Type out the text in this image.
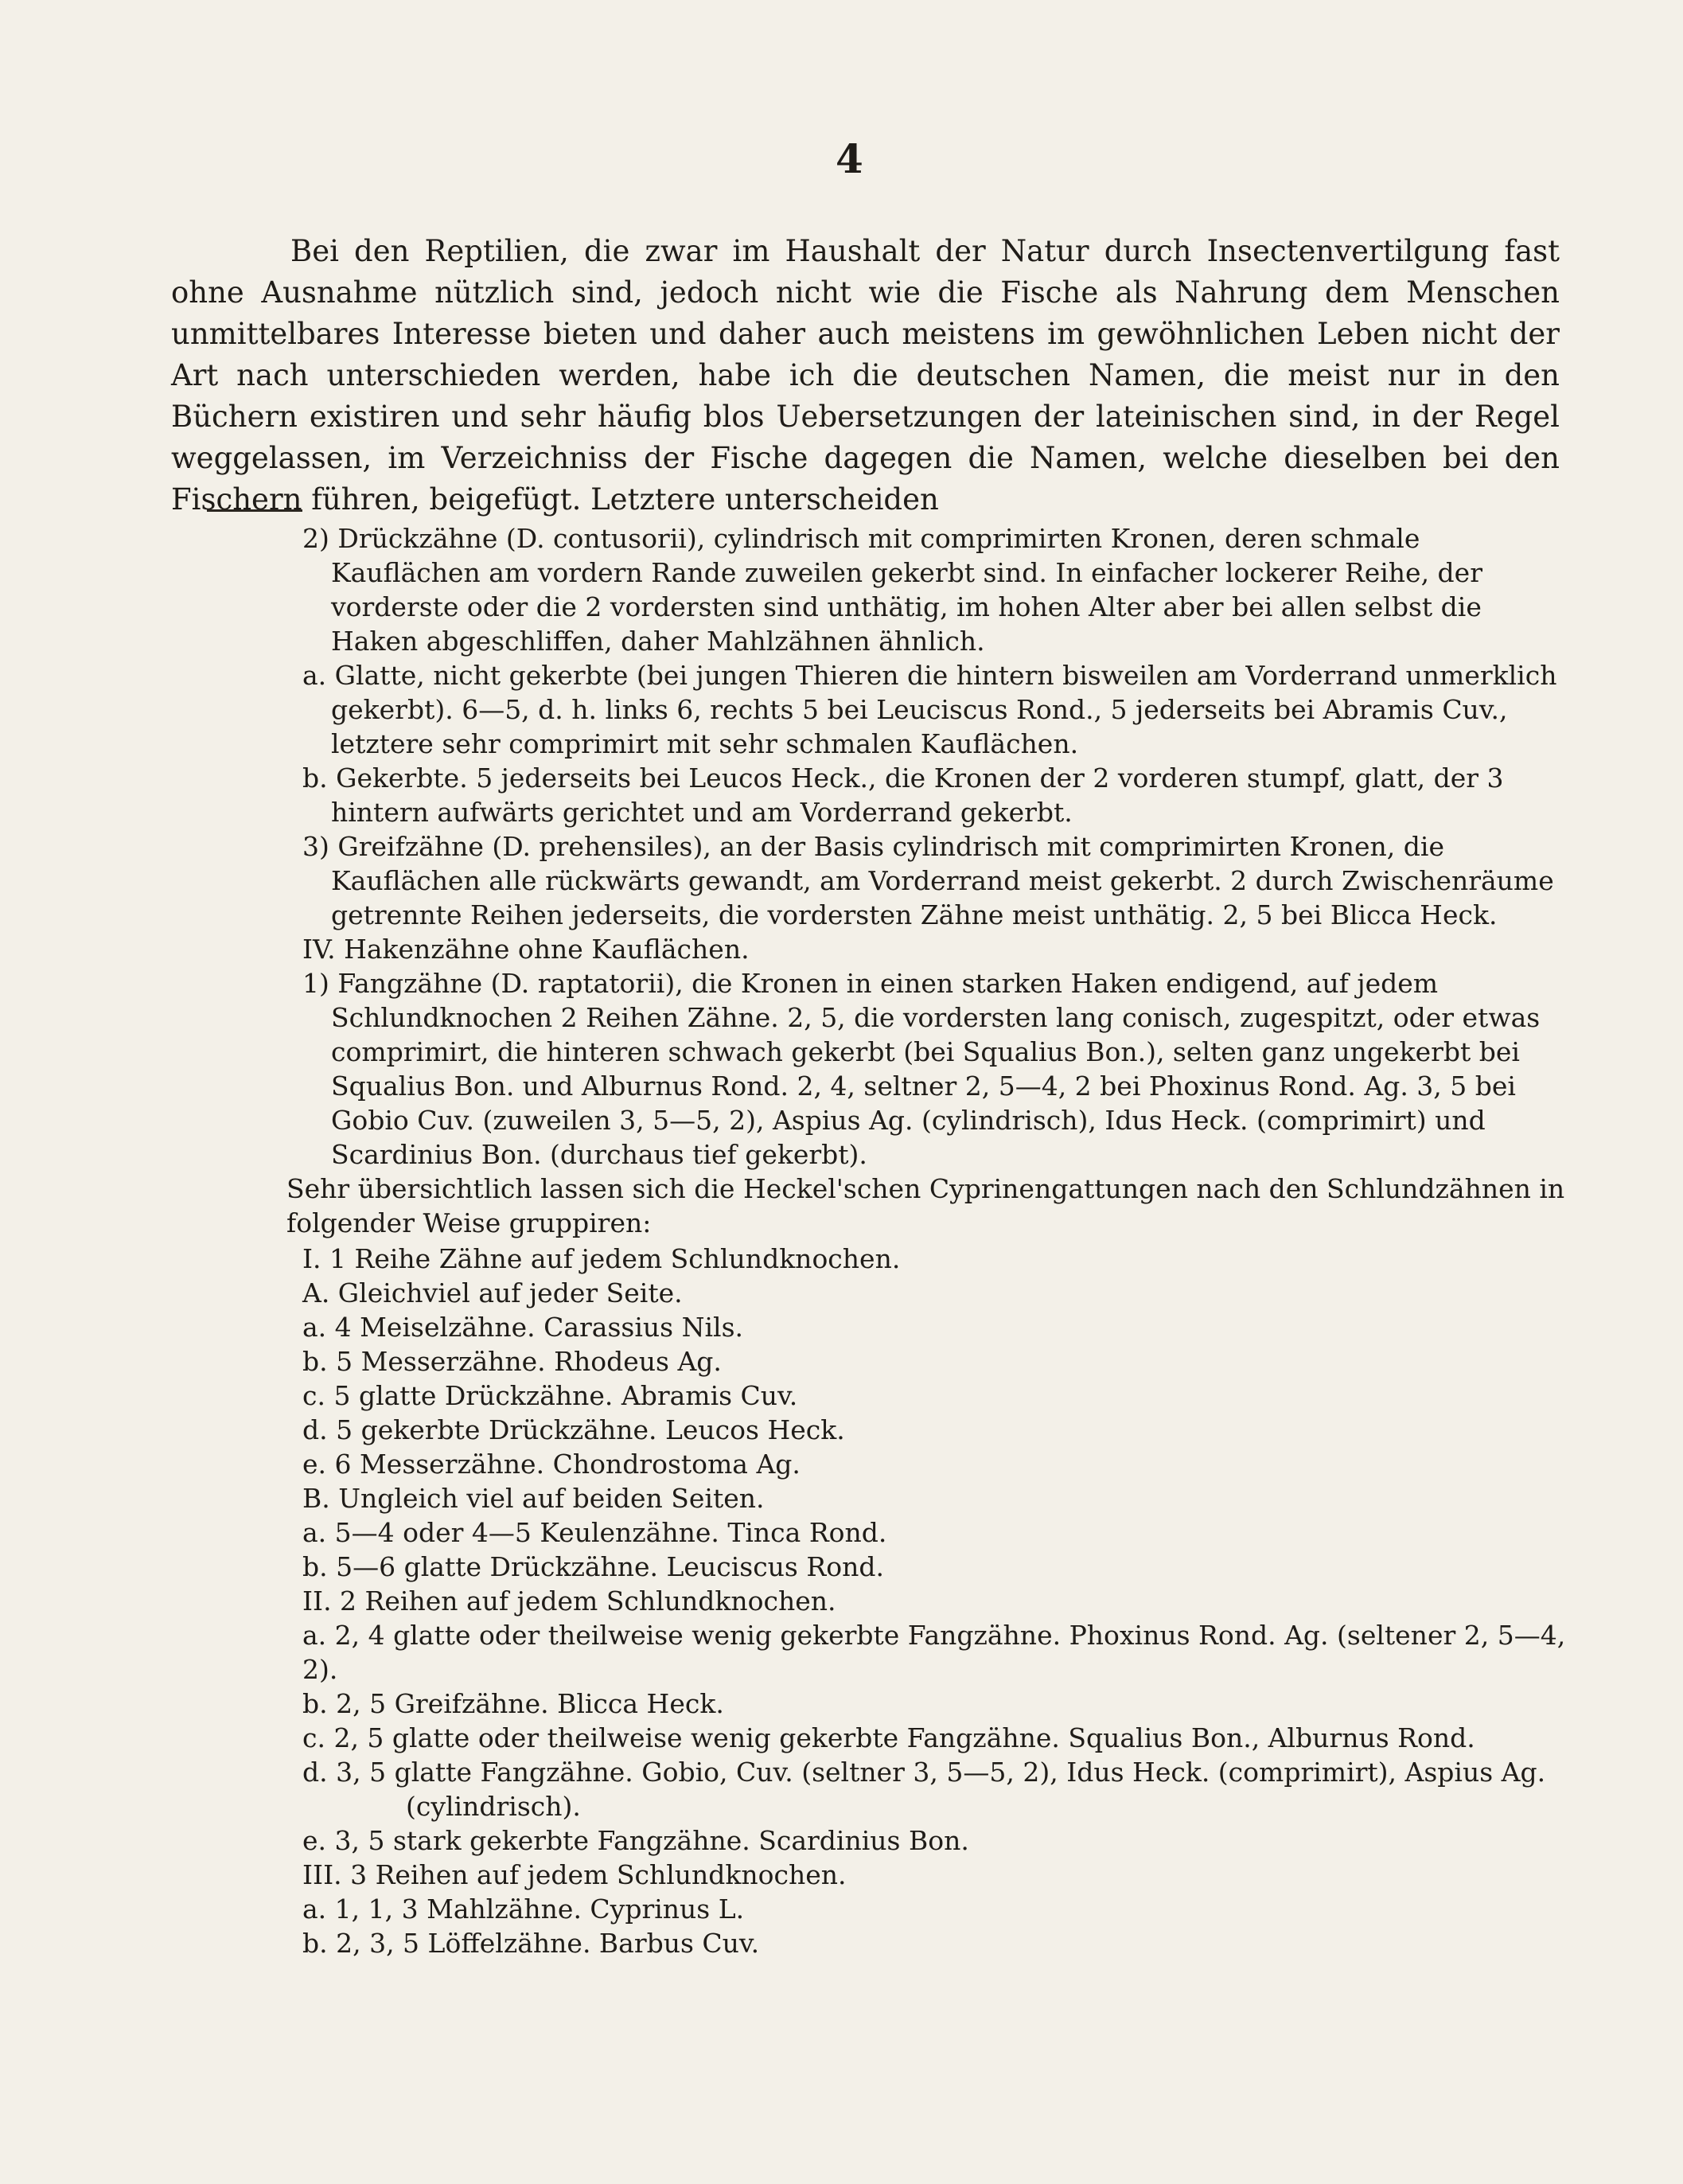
4

Bei den Reptilien, die zwar im Haushalt der Natur durch Insectenvertilgung fast ohne Ausnahme nützlich sind, jedoch nicht wie die Fische als Nahrung dem Menschen unmittelbares Interesse bieten und daher auch meistens im gewöhnlichen Leben nicht der Art nach unterschieden werden, habe ich die deutschen Namen, die meist nur in den Büchern existiren und sehr häufig blos Uebersetzungen der lateinischen sind, in der Regel weggelassen, im Verzeichniss der Fische dagegen die Namen, welche dieselben bei den Fischern führen, beigefügt. Letztere unterscheiden

2) Drückzähne (D. contusorii), cylindrisch mit comprimirten Kronen, deren schmale Kauflächen am vordern Rande zuweilen gekerbt sind. In einfacher lockerer Reihe, der vorderste oder die 2 vordersten sind unthätig, im hohen Alter aber bei allen selbst die Haken abgeschliffen, daher Mahlzähnen ähnlich.

a. Glatte, nicht gekerbte (bei jungen Thieren die hintern bisweilen am Vorderrand unmerklich gekerbt). 6—5, d. h. links 6, rechts 5 bei Leuciscus Rond., 5 jederseits bei Abramis Cuv., letztere sehr comprimirt mit sehr schmalen Kauflächen.

b. Gekerbte. 5 jederseits bei Leucos Heck., die Kronen der 2 vorderen stumpf, glatt, der 3 hintern aufwärts gerichtet und am Vorderrand gekerbt.

3) Greifzähne (D. prehensiles), an der Basis cylindrisch mit comprimirten Kronen, die Kauflächen alle rückwärts gewandt, am Vorderrand meist gekerbt. 2 durch Zwischenräume getrennte Reihen jederseits, die vordersten Zähne meist unthätig. 2, 5 bei Blicca Heck.

IV. Hakenzähne ohne Kauflächen.

1) Fangzähne (D. raptatorii), die Kronen in einen starken Haken endigend, auf jedem Schlundknochen 2 Reihen Zähne. 2, 5, die vordersten lang conisch, zugespitzt, oder etwas comprimirt, die hinteren schwach gekerbt (bei Squalius Bon.), selten ganz ungekerbt bei Squalius Bon. und Alburnus Rond. 2, 4, seltner 2, 5—4, 2 bei Phoxinus Rond. Ag. 3, 5 bei Gobio Cuv. (zuweilen 3, 5—5, 2), Aspius Ag. (cylindrisch), Idus Heck. (comprimirt) und Scardinius Bon. (durchaus tief gekerbt).

Sehr übersichtlich lassen sich die Heckel'schen Cyprinengattungen nach den Schlundzähnen in folgender Weise gruppiren:

I. 1 Reihe Zähne auf jedem Schlundknochen.

A. Gleichviel auf jeder Seite.

a. 4 Meiselzähne. Carassius Nils.

b. 5 Messerzähne. Rhodeus Ag.

c. 5 glatte Drückzähne. Abramis Cuv.

d. 5 gekerbte Drückzähne. Leucos Heck.

e. 6 Messerzähne. Chondrostoma Ag.

B. Ungleich viel auf beiden Seiten.

a. 5—4 oder 4—5 Keulenzähne. Tinca Rond.

b. 5—6 glatte Drückzähne. Leuciscus Rond.

II. 2 Reihen auf jedem Schlundknochen.

a. 2, 4 glatte oder theilweise wenig gekerbte Fangzähne. Phoxinus Rond. Ag. (seltener 2, 5—4, 2).

b. 2, 5 Greifzähne. Blicca Heck.

c. 2, 5 glatte oder theilweise wenig gekerbte Fangzähne. Squalius Bon., Alburnus Rond.

d. 3, 5 glatte Fangzähne. Gobio, Cuv. (seltner 3, 5—5, 2), Idus Heck. (comprimirt), Aspius Ag. (cylindrisch).

e. 3, 5 stark gekerbte Fangzähne. Scardinius Bon.

III. 3 Reihen auf jedem Schlundknochen.

a. 1, 1, 3 Mahlzähne. Cyprinus L.

b. 2, 3, 5 Löffelzähne. Barbus Cuv.
